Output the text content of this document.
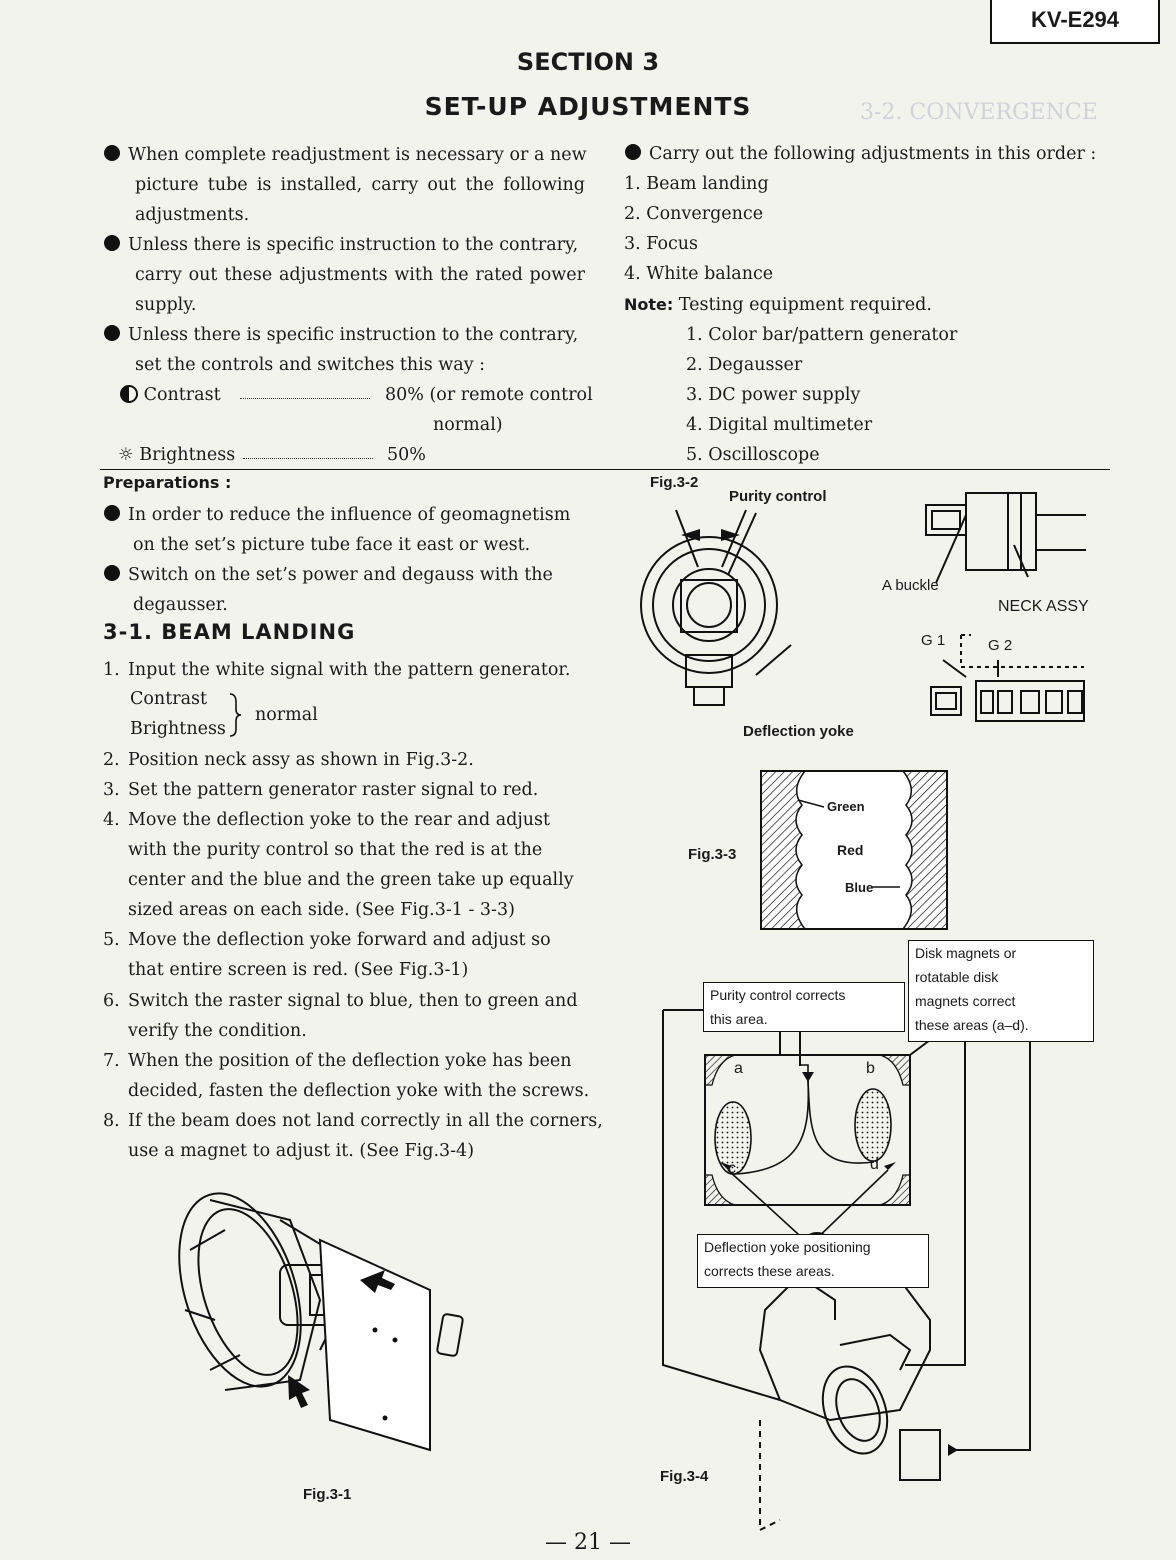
3-2. CONVERGENCE
KV-E294
SECTION 3
SET-UP ADJUSTMENTS
When complete readjustment is necessary or a new
picture tube is installed, carry out the following
adjustments.
Unless there is specific instruction to the contrary,
carry out these adjustments with the rated power
supply.
Unless there is specific instruction to the contrary,
set the controls and switches this way :
In order to reduce the influence of geomagnetism
on the set’s picture tube face it east or west.
Switch on the set’s power and degauss with the
degausser.
1. Input the white signal with the pattern generator.
2. Position neck assy as shown in Fig.3-2.
3. Set the pattern generator raster signal to red.
4. Move the deflection yoke to the rear and adjust
with the purity control so that the red is at the
center and the blue and the green take up equally
sized areas on each side. (See Fig.3-1 - 3-3)
5. Move the deflection yoke forward and adjust so
that entire screen is red. (See Fig.3-1)
6. Switch the raster signal to blue, then to green and
verify the condition.
7. When the position of the deflection yoke has been
decided, fasten the deflection yoke with the screws.
8. If the beam does not land correctly in all the corners,
use a magnet to adjust it. (See Fig.3-4)
Contrast	80% (or remote control
normal)
☼ Brightness	50%
Preparations :
3-1. BEAM LANDING
Contrast
Brightness
normal
Carry out the following adjustments in this order :
1. Beam landing
2. Convergence
3. Focus
4. White balance
Note: Testing equipment required.
1. Color bar/pattern generator
2. Degausser
3. DC power supply
4. Digital multimeter
5. Oscilloscope
Fig.3-1
Fig.3-2
Purity control
A buckle
NECK ASSY
G 1	G 2
Deflection yoke
Green
Red
Blue
Fig.3-3
a	b
c	d
Disk magnets or
rotatable disk
magnets correct
these areas (a–d).
Purity control corrects
this area.
Deflection yoke positioning
corrects these areas.
Fig.3-4
— 21 —
